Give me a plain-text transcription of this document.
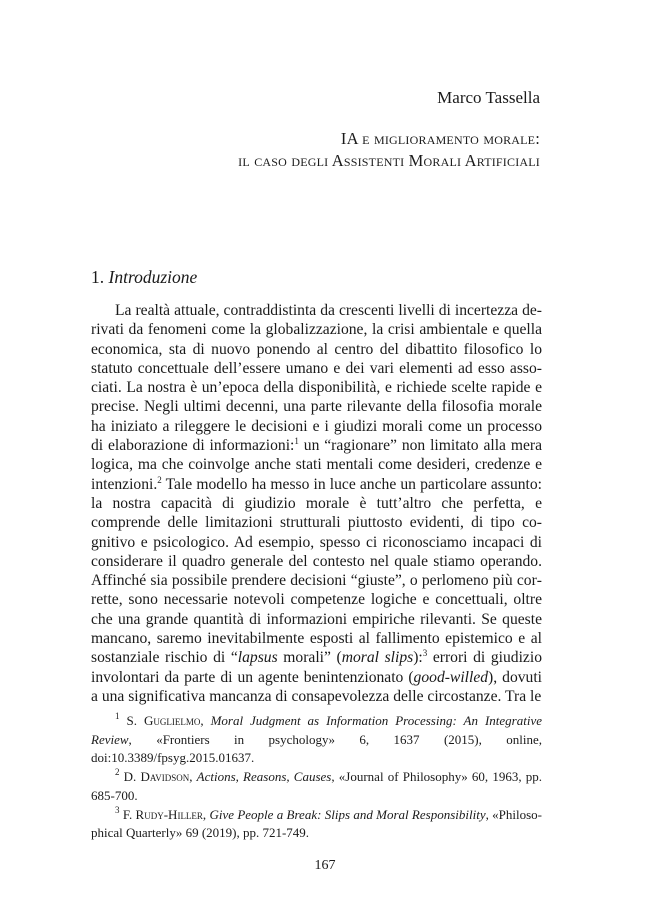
Marco Tassella
IA e miglioramento morale:
il caso degli Assistenti Morali Artificiali
1. Introduzione

La realtà attuale, contraddistinta da crescenti livelli di incertezza derivati da fenomeni come la globalizzazione, la crisi ambientale e quella economica, sta di nuovo ponendo al centro del dibattito filosofico lo statuto concettuale dell’essere umano e dei vari elementi ad esso associati. La nostra è un’epoca della disponibilità, e richiede scelte rapide e precise. Negli ultimi decenni, una parte rilevante della filosofia morale ha iniziato a rileggere le decisioni e i giudizi morali come un processo di elaborazione di informazioni:$^1$ un “ragionare” non limitato alla mera logica, ma che coinvolge anche stati mentali come desideri, credenze e intenzioni.$^2$ Tale modello ha messo in luce anche un particolare assunto: la nostra capacità di giudizio morale è tutt’altro che perfetta, e comprende delle limitazioni strutturali piuttosto evidenti, di tipo cognitivo e psicologico. Ad esempio, spesso ci riconosciamo incapaci di considerare il quadro generale del contesto nel quale stiamo operando. Affinché sia possibile prendere decisioni “giuste”, o perlomeno più corrette, sono necessarie notevoli competenze logiche e concettuali, oltre che una grande quantità di informazioni empiriche rilevanti. Se queste mancano, saremo inevitabilmente esposti al fallimento epistemico e al sostanziale rischio di “lapsus morali” (moral slips):$^3$ errori di giudizio involontari da parte di un agente benintenzionato (good-willed), dovuti a una significativa mancanza di consapevolezza delle circostanze. Tra le

$^1$ S. Guglielmo, Moral Judgment as Information Processing: An Integrative Review, «Frontiers in psychology» 6, 1637 (2015), online, doi:10.3389/fpsyg.2015.01637.

$^2$ D. Davidson, Actions, Reasons, Causes, «Journal of Philosophy» 60, 1963, pp. 685-700.

$^3$ F. Rudy-Hiller, Give People a Break: Slips and Moral Responsibility, «Philosophical Quarterly» 69 (2019), pp. 721-749.

167
